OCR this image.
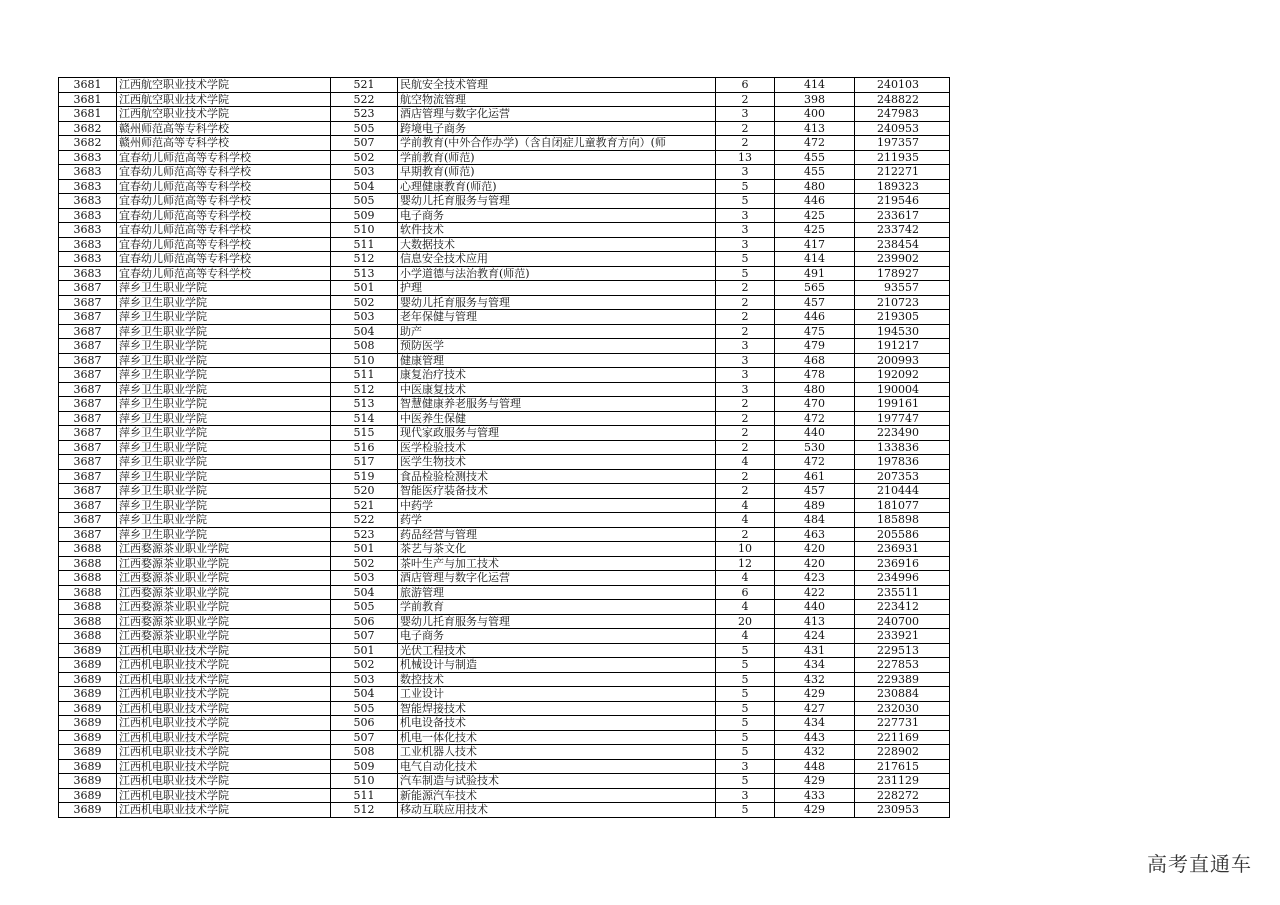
3681	江西航空职业技术学院	521	民航安全技术管理	6	414	240103
3681	江西航空职业技术学院	522	航空物流管理	2	398	248822
3681	江西航空职业技术学院	523	酒店管理与数字化运营	3	400	247983
3682	赣州师范高等专科学校	505	跨境电子商务	2	413	240953
3682	赣州师范高等专科学校	507	学前教育(中外合作办学)（含自闭症儿童教育方向）(师	2	472	197357
3683	宜春幼儿师范高等专科学校	502	学前教育(师范)	13	455	211935
3683	宜春幼儿师范高等专科学校	503	早期教育(师范)	3	455	212271
3683	宜春幼儿师范高等专科学校	504	心理健康教育(师范)	5	480	189323
3683	宜春幼儿师范高等专科学校	505	婴幼儿托育服务与管理	5	446	219546
3683	宜春幼儿师范高等专科学校	509	电子商务	3	425	233617
3683	宜春幼儿师范高等专科学校	510	软件技术	3	425	233742
3683	宜春幼儿师范高等专科学校	511	大数据技术	3	417	238454
3683	宜春幼儿师范高等专科学校	512	信息安全技术应用	5	414	239902
3683	宜春幼儿师范高等专科学校	513	小学道德与法治教育(师范)	5	491	178927
3687	萍乡卫生职业学院	501	护理	2	565	93557
3687	萍乡卫生职业学院	502	婴幼儿托育服务与管理	2	457	210723
3687	萍乡卫生职业学院	503	老年保健与管理	2	446	219305
3687	萍乡卫生职业学院	504	助产	2	475	194530
3687	萍乡卫生职业学院	508	预防医学	3	479	191217
3687	萍乡卫生职业学院	510	健康管理	3	468	200993
3687	萍乡卫生职业学院	511	康复治疗技术	3	478	192092
3687	萍乡卫生职业学院	512	中医康复技术	3	480	190004
3687	萍乡卫生职业学院	513	智慧健康养老服务与管理	2	470	199161
3687	萍乡卫生职业学院	514	中医养生保健	2	472	197747
3687	萍乡卫生职业学院	515	现代家政服务与管理	2	440	223490
3687	萍乡卫生职业学院	516	医学检验技术	2	530	133836
3687	萍乡卫生职业学院	517	医学生物技术	4	472	197836
3687	萍乡卫生职业学院	519	食品检验检测技术	2	461	207353
3687	萍乡卫生职业学院	520	智能医疗装备技术	2	457	210444
3687	萍乡卫生职业学院	521	中药学	4	489	181077
3687	萍乡卫生职业学院	522	药学	4	484	185898
3687	萍乡卫生职业学院	523	药品经营与管理	2	463	205586
3688	江西婺源茶业职业学院	501	茶艺与茶文化	10	420	236931
3688	江西婺源茶业职业学院	502	茶叶生产与加工技术	12	420	236916
3688	江西婺源茶业职业学院	503	酒店管理与数字化运营	4	423	234996
3688	江西婺源茶业职业学院	504	旅游管理	6	422	235511
3688	江西婺源茶业职业学院	505	学前教育	4	440	223412
3688	江西婺源茶业职业学院	506	婴幼儿托育服务与管理	20	413	240700
3688	江西婺源茶业职业学院	507	电子商务	4	424	233921
3689	江西机电职业技术学院	501	光伏工程技术	5	431	229513
3689	江西机电职业技术学院	502	机械设计与制造	5	434	227853
3689	江西机电职业技术学院	503	数控技术	5	432	229389
3689	江西机电职业技术学院	504	工业设计	5	429	230884
3689	江西机电职业技术学院	505	智能焊接技术	5	427	232030
3689	江西机电职业技术学院	506	机电设备技术	5	434	227731
3689	江西机电职业技术学院	507	机电一体化技术	5	443	221169
3689	江西机电职业技术学院	508	工业机器人技术	5	432	228902
3689	江西机电职业技术学院	509	电气自动化技术	3	448	217615
3689	江西机电职业技术学院	510	汽车制造与试验技术	5	429	231129
3689	江西机电职业技术学院	511	新能源汽车技术	3	433	228272
3689	江西机电职业技术学院	512	移动互联应用技术	5	429	230953
高考直通车
